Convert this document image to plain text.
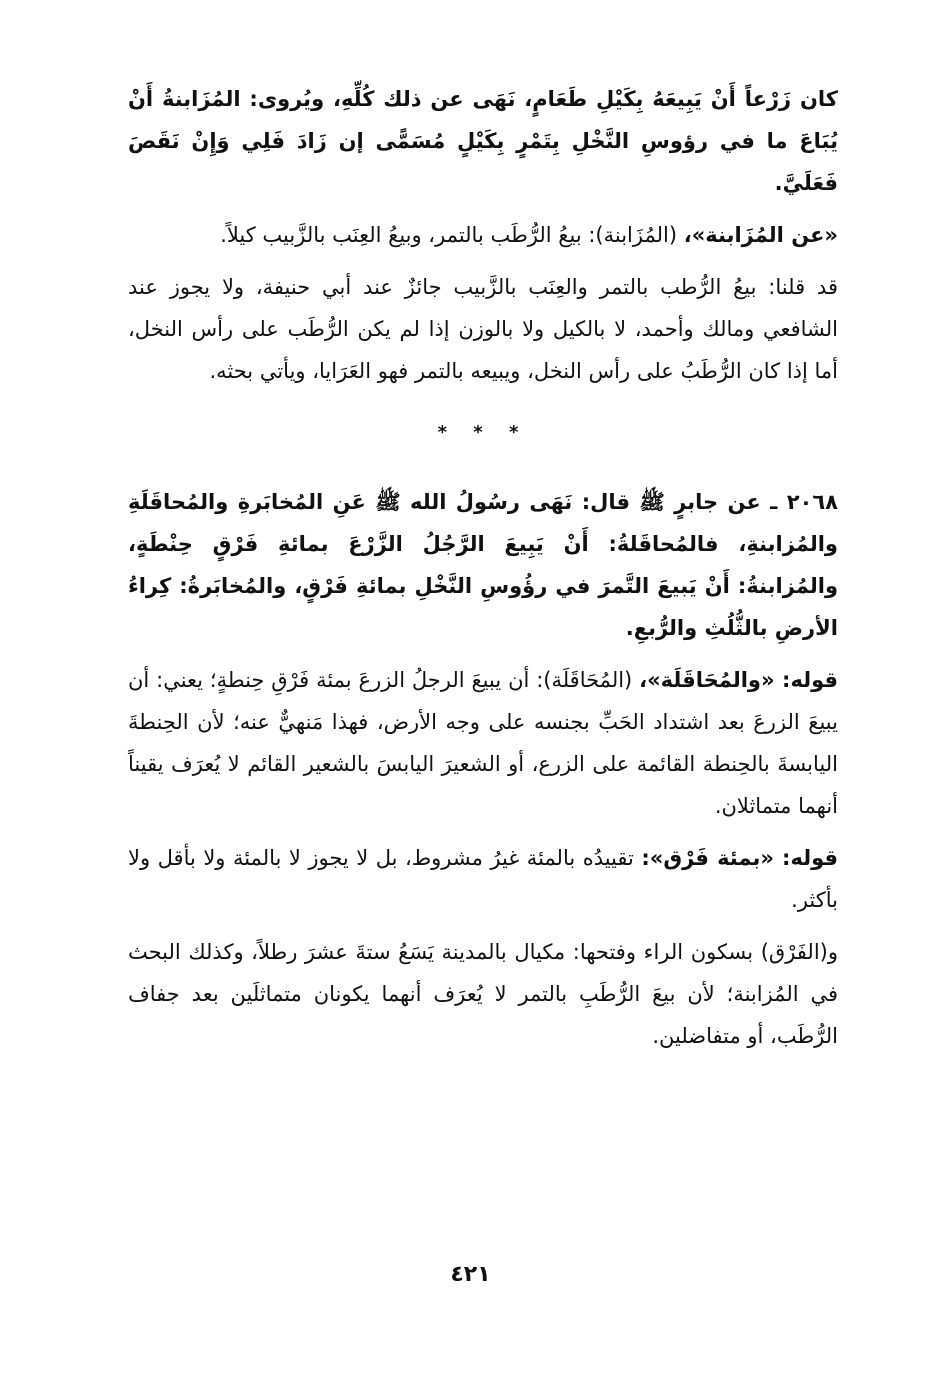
كان زَرْعاً أَنْ يَبِيعَهُ بِكَيْلِ طَعَامٍ، نَهَى عن ذلك كُلِّهِ، ويُروى: المُزَابنةُ أَنْ يُبَاعَ ما في رؤوسِ النَّخْلِ بِتَمْرٍ بِكَيْلٍ مُسَمًّى إن زَادَ فَلِي وَإِنْ نَقَصَ فَعَلَيَّ.

«عن المُزَابنة»، (المُزَابنة): بيعُ الرُّطَب بالتمر، وبيعُ العِنَب بالزَّبيب كيلاً.

قد قلنا: بيعُ الرُّطب بالتمر والعِنَب بالزَّبيب جائزٌ عند أبي حنيفة، ولا يجوز عند الشافعي ومالك وأحمد، لا بالكيل ولا بالوزن إذا لم يكن الرُّطَب على رأس النخل، أما إذا كان الرُّطَبُ على رأس النخل، ويبيعه بالتمر فهو العَرَايا، ويأتي بحثه.

* * *

٢٠٦٨ ـ عن جابرٍ ﷺ قال: نَهَى رسُولُ الله ﷺ عَنِ المُخابَرةِ والمُحاقَلَةِ والمُزابنةِ، فالمُحاقَلةُ: أَنْ يَبِيعَ الرَّجُلُ الزَّرْعَ بمائةِ فَرْقٍ حِنْطَةٍ، والمُزابنةُ: أَنْ يَبيعَ التَّمرَ في رؤُوسِ النَّخْلِ بمائةِ فَرْقٍ، والمُخابَرةُ: كِراءُ الأرضِ بالثُّلُثِ والرُّبعِ.

قوله: «والمُحَاقَلَة»، (المُحَاقَلَة): أن يبيعَ الرجلُ الزرعَ بمئة فَرْقِ حِنطةٍ؛ يعني: أن يبيعَ الزرعَ بعد اشتداد الحَبِّ بجنسه على وجه الأرض، فهذا مَنهيٌّ عنه؛ لأن الحِنطةَ اليابسةَ بالحِنطة القائمة على الزرع، أو الشعيرَ اليابسَ بالشعير القائم لا يُعرَف يقيناً أنهما متماثلان.

قوله: «بمئة فَرْق»: تقييدُه بالمئة غيرُ مشروط، بل لا يجوز لا بالمئة ولا بأقل ولا بأكثر.

و(الفَرْق) بسكون الراء وفتحها: مكيال بالمدينة يَسَعُ ستةَ عشرَ رطلاً، وكذلك البحث في المُزابنة؛ لأن بيعَ الرُّطَبِ بالتمر لا يُعرَف أنهما يكونان متماثلَين بعد جفاف الرُّطَب، أو متفاضلين.

٤٢١
